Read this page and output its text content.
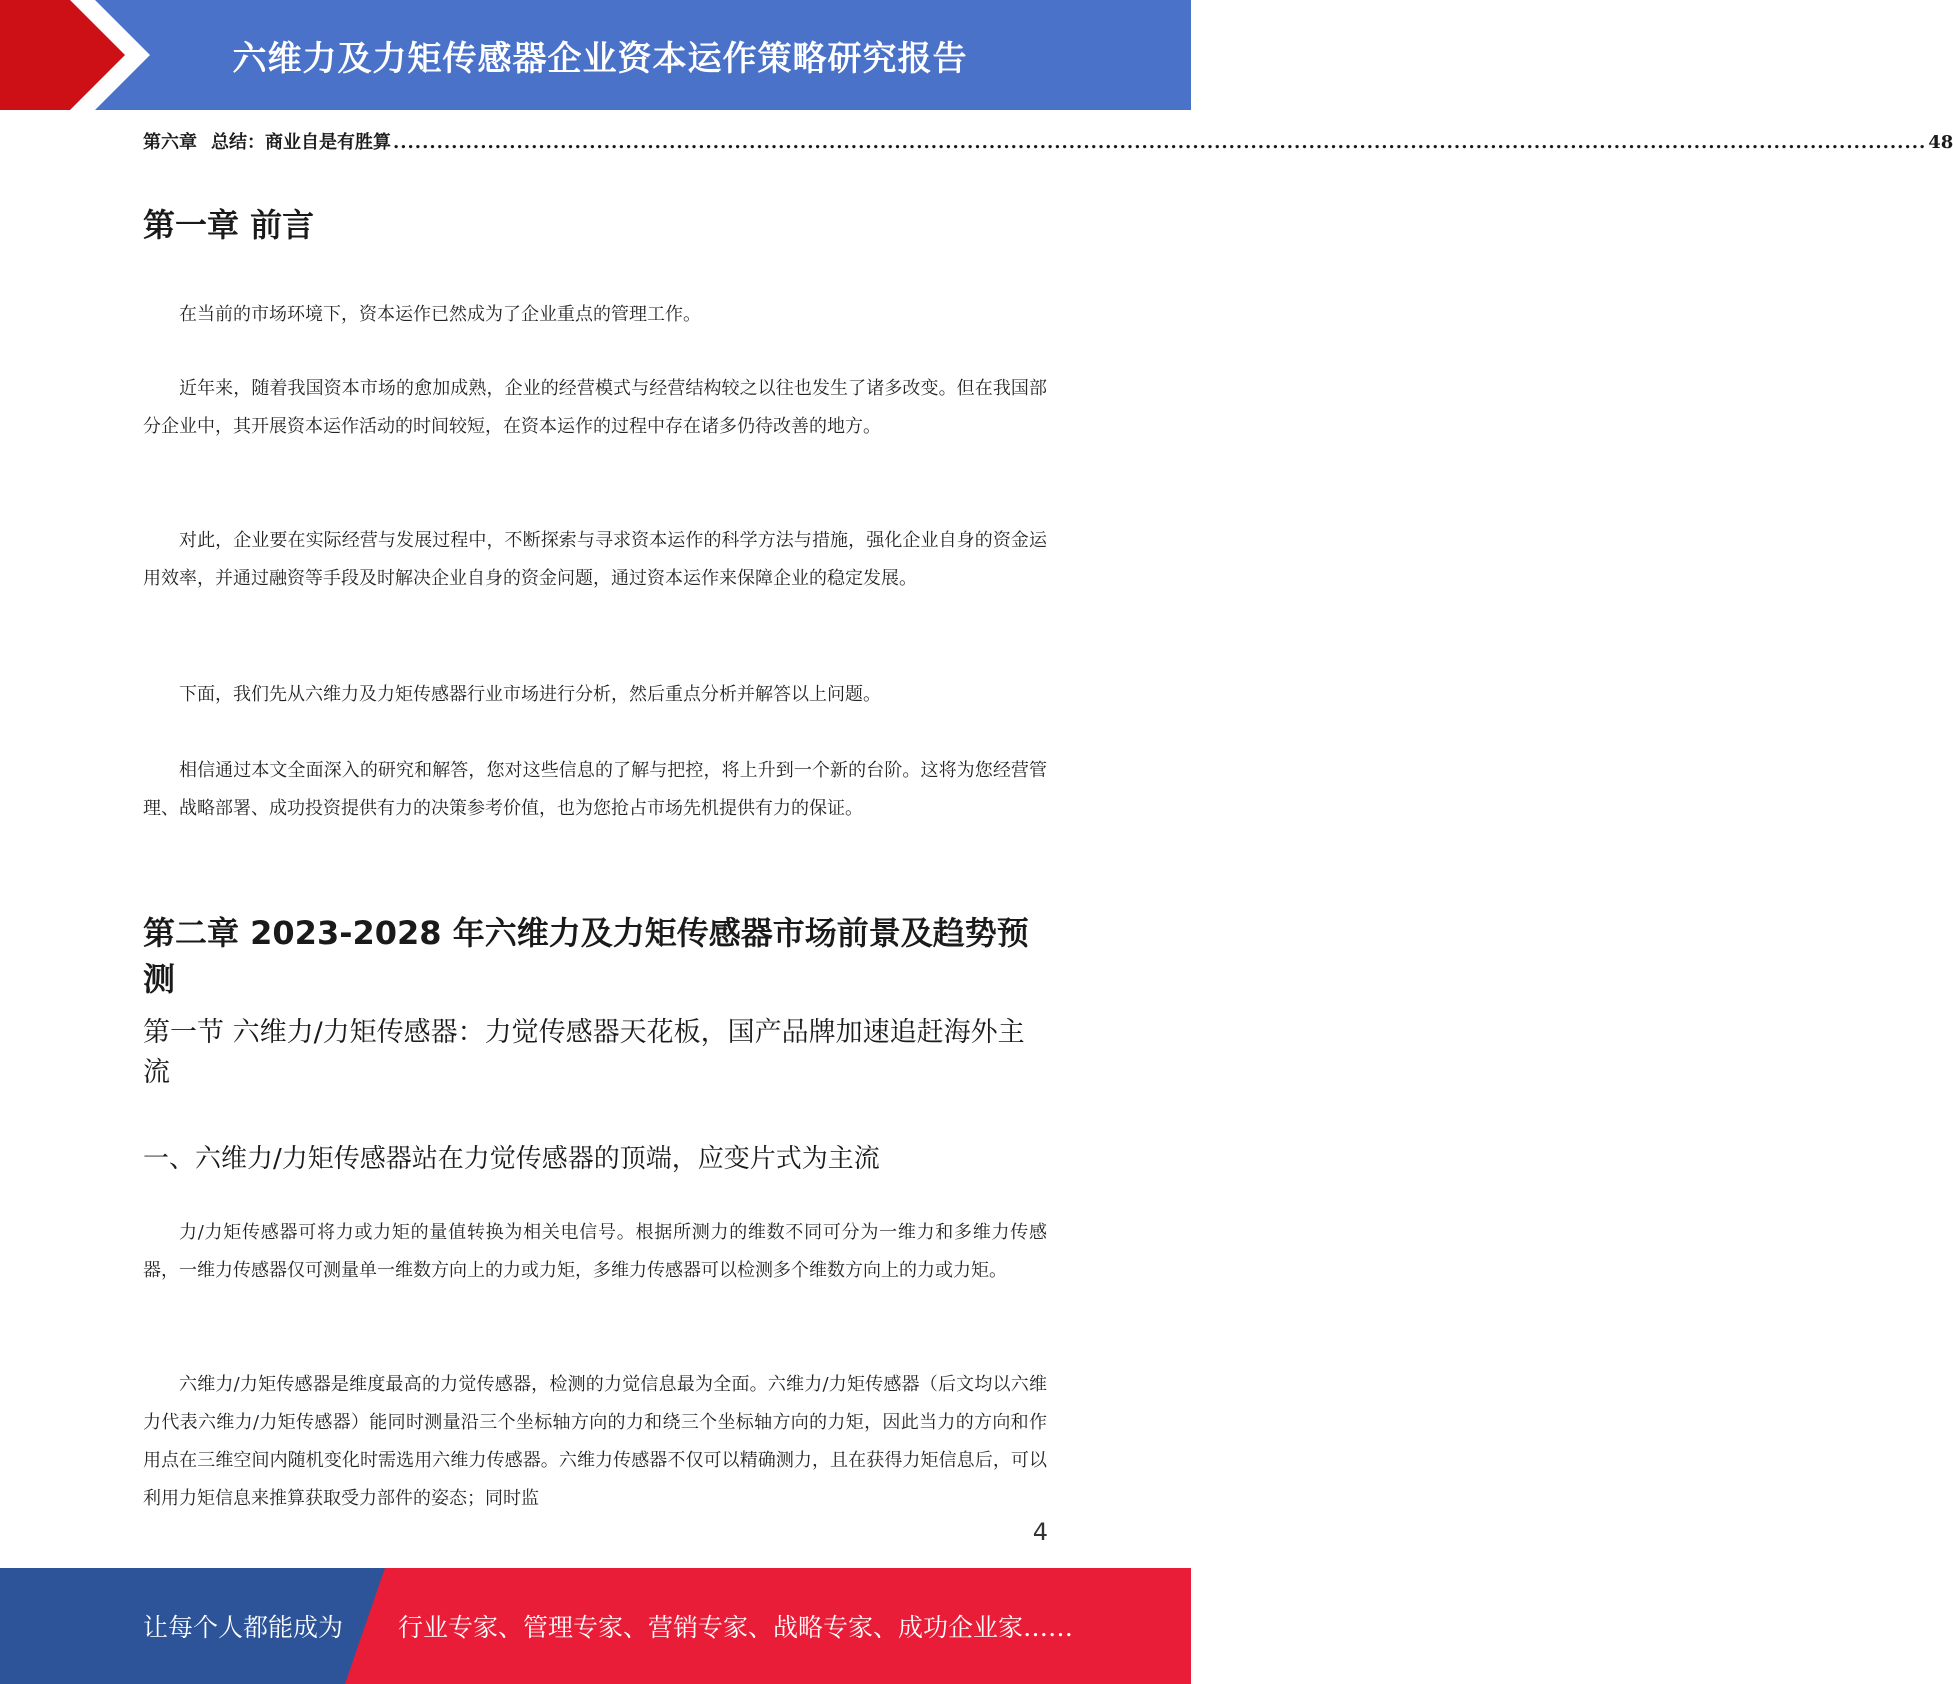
六维力及力矩传感器企业资本运作策略研究报告
第六章 总结：商业自是有胜算 ................................................................................................................................................................................................................... 48
第一章 前言

在当前的市场环境下，资本运作已然成为了企业重点的管理工作。

近年来，随着我国资本市场的愈加成熟，企业的经营模式与经营结构较之以往也发生了诸多改变。但在我国部分企业中，其开展资本运作活动的时间较短，在资本运作的过程中存在诸多仍待改善的地方。

对此，企业要在实际经营与发展过程中，不断探索与寻求资本运作的科学方法与措施，强化企业自身的资金运用效率，并通过融资等手段及时解决企业自身的资金问题，通过资本运作来保障企业的稳定发展。

下面，我们先从六维力及力矩传感器行业市场进行分析，然后重点分析并解答以上问题。

相信通过本文全面深入的研究和解答，您对这些信息的了解与把控，将上升到一个新的台阶。这将为您经营管理、战略部署、成功投资提供有力的决策参考价值，也为您抢占市场先机提供有力的保证。

第二章 2023-2028 年六维力及力矩传感器市场前景及趋势预测
第一节 六维力/力矩传感器：力觉传感器天花板，国产品牌加速追赶海外主流
一、六维力/力矩传感器站在力觉传感器的顶端，应变片式为主流

力/力矩传感器可将力或力矩的量值转换为相关电信号。根据所测力的维数不同可分为一维力和多维力传感器，一维力传感器仅可测量单一维数方向上的力或力矩，多维力传感器可以检测多个维数方向上的力或力矩。

六维力/力矩传感器是维度最高的力觉传感器，检测的力觉信息最为全面。六维力/力矩传感器（后文均以六维力代表六维力/力矩传感器）能同时测量沿三个坐标轴方向的力和绕三个坐标轴方向的力矩，因此当力的方向和作用点在三维空间内随机变化时需选用六维力传感器。六维力传感器不仅可以精确测力，且在获得力矩信息后，可以利用力矩信息来推算获取受力部件的姿态；同时监

4
让每个人都能成为 行业专家、管理专家、营销专家、战略专家、成功企业家……
